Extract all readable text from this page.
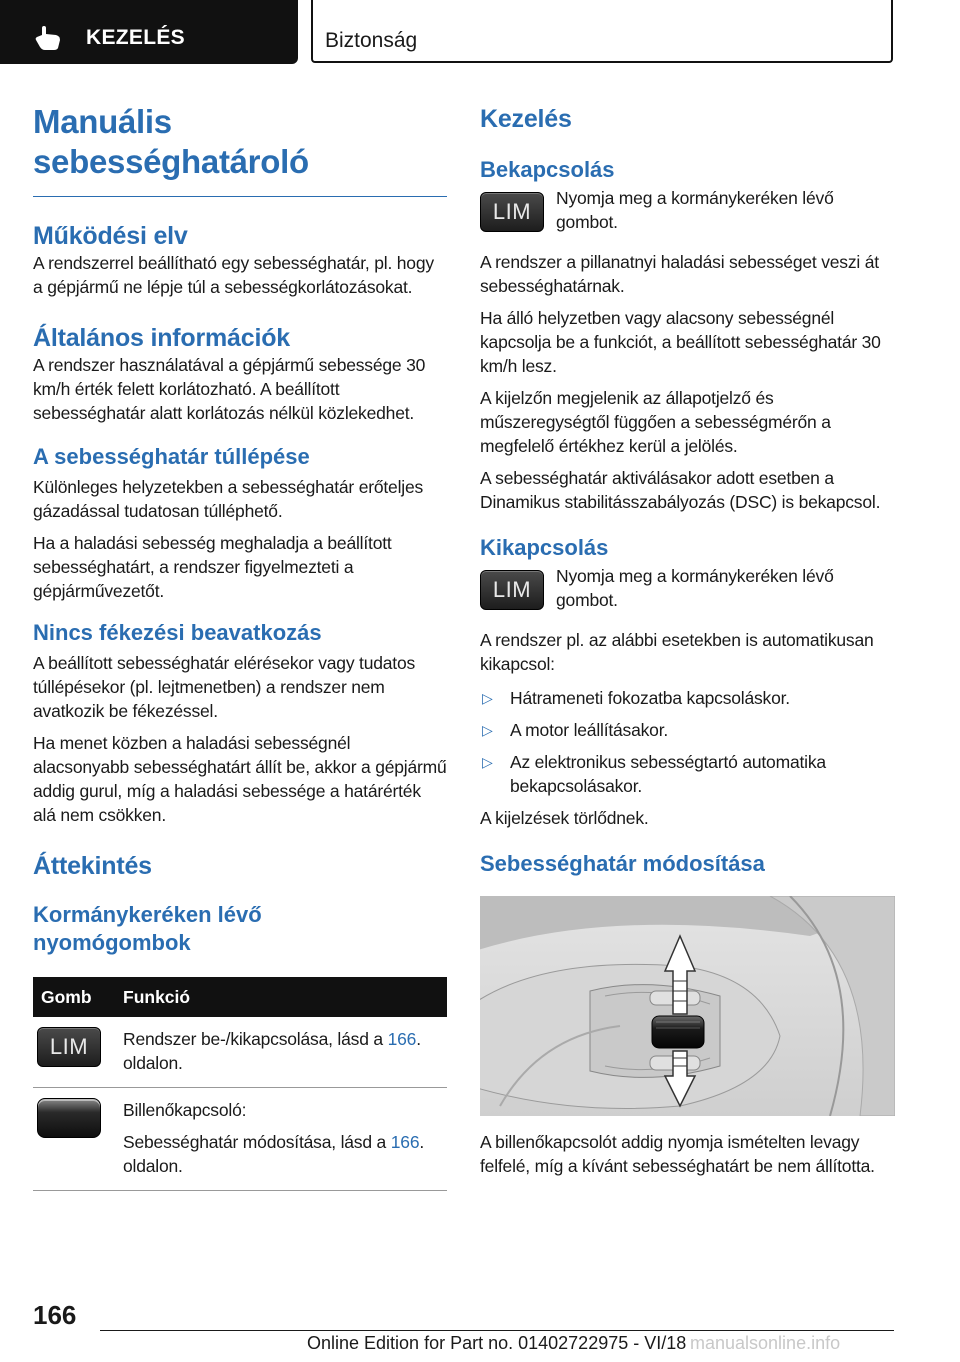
KEZELÉS	Biztonság
Manuális sebességhatároló
Működési elv

A rendszerrel beállítható egy sebességhatár, pl. hogy a gépjármű ne lépje túl a sebességkorlátozásokat.

Általános információk

A rendszer használatával a gépjármű sebessége 30 km/h érték felett korlátozható. A beállított sebességhatár alatt korlátozás nélkül közlekedhet.

A sebességhatár túllépése

Különleges helyzetekben a sebességhatár erőteljes gázadással tudatosan túlléphető.

Ha a haladási sebesség meghaladja a beállított sebességhatárt, a rendszer figyelmezteti a gépjárművezetőt.

Nincs fékezési beavatkozás

A beállított sebességhatár elérésekor vagy tudatos túllépésekor (pl. lejtmenetben) a rendszer nem avatkozik be fékezéssel.

Ha menet közben a haladási sebességnél alacsonyabb sebességhatárt állít be, akkor a gépjármű addig gurul, míg a haladási sebessége a határérték alá nem csökken.

Áttekintés
Kormánykeréken lévő nyomógombok
Gomb	Funkció

LIM	Rendszer be-/kikapcsolása, lásd a 166. oldalon.

	Billenőkapcsoló:

Sebességhatár módosítása, lásd a 166. oldalon.

Kezelés
Bekapcsolás
LIM

Nyomja meg a kormánykeréken lévő gombot.

A rendszer a pillanatnyi haladási sebességet veszi át sebességhatárnak.

Ha álló helyzetben vagy alacsony sebességnél kapcsolja be a funkciót, a beállított sebességhatár 30 km/h lesz.

A kijelzőn megjelenik az állapotjelző és műszeregységtől függően a sebességmérőn a megfelelő értékhez kerül a jelölés.

A sebességhatár aktiválásakor adott esetben a Dinamikus stabilitásszabályozás (DSC) is bekapcsol.

Kikapcsolás
LIM

Nyomja meg a kormánykeréken lévő gombot.

A rendszer pl. az alábbi esetekben is automatikusan kikapcsol:

▷ Hátrameneti fokozatba kapcsoláskor.
▷ A motor leállításakor.
▷ Az elektronikus sebességtartó automatika bekapcsolásakor.

A kijelzések törlődnek.

Sebességhatár módosítása

A billenőkapcsolót addig nyomja ismételten levagy felfelé, míg a kívánt sebességhatárt be nem állította.

166
Online Edition for Part no. 01402722975 - VI/18 manualsonline.info
